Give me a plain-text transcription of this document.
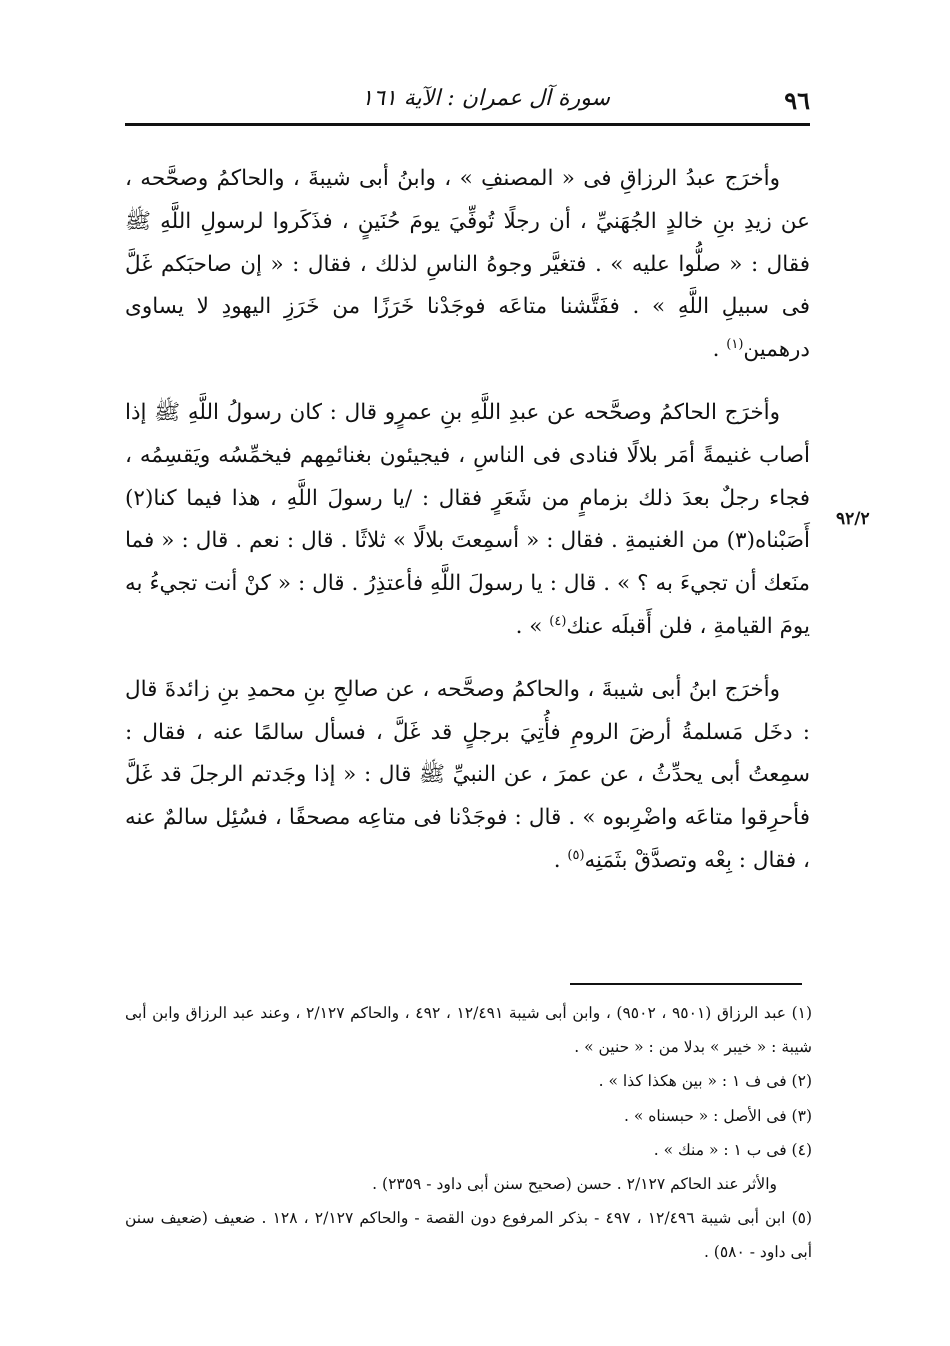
٩٦
سورة آل عمران : الآية ١٦١

وأخرَج عبدُ الرزاقِ فى « المصنفِ » ، وابنُ أبى شيبةَ ، والحاكمُ وصحَّحه ، عن زيدِ بنِ خالدٍ الجُهَنيِّ ، أن رجلًا تُوفِّيَ يومَ حُنَينٍ ، فذَكَروا لرسولِ اللَّهِ ﷺ فقال : « صلُّوا عليه » . فتغيَّر وجوهُ الناسِ لذلك ، فقال : « إن صاحبَكم غَلَّ فى سبيلِ اللَّهِ » . ففَتَّشنا متاعَه فوجَدْنا خَرَزًا من خَرَزِ اليهودِ لا يساوى درهمين$^{(١)}$ .

وأخرَج الحاكمُ وصحَّحه عن عبدِ اللَّهِ بنِ عمرٍو قال : كان رسولُ اللَّهِ ﷺ إذا أصاب غنيمةً أمَر بلالًا فنادى فى الناسِ ، فيجيئون بغنائمِهم فيخمِّسُه ويَقسِمُه ، فجاء رجلٌ بعدَ ذلك بزمامٍ من شَعَرٍ فقال : /يا رسولَ اللَّهِ ، هذا فيما كنا(٢) أَصَبْناه(٣) من الغنيمةِ . فقال : « أسمِعتَ بلالًا » ثلاثًا . قال : نعم . قال : « فما منَعك أن تجيءَ به ؟ » . قال : يا رسولَ اللَّهِ فأعتذِرُ . قال : « كنْ أنت تجيءُ به يومَ القيامةِ ، فلن أَقبلَه عنك$^{(٤)}$ » .

وأخرَج ابنُ أبى شيبةَ ، والحاكمُ وصحَّحه ، عن صالحِ بنِ محمدِ بنِ زائدةَ قال : دخَل مَسلمةُ أرضَ الرومِ فأُتِيَ برجلٍ قد غَلَّ ، فسأل سالمًا عنه ، فقال : سمِعتُ أبى يحدِّثُ ، عن عمرَ ، عن النبيِّ ﷺ قال : « إذا وجَدتم الرجلَ قد غَلَّ فأحرِقوا متاعَه واضْرِبوه » . قال : فوجَدْنا فى متاعِه مصحفًا ، فسُئِل سالمٌ عنه ، فقال : بِعْه وتصدَّقْ بثَمَنِه$^{(٥)}$ .

٩٢/٢

(١) عبد الرزاق (٩٥٠١ ، ٩٥٠٢) ، وابن أبى شيبة ١٢/٤٩١ ، ٤٩٢ ، والحاكم ٢/١٢٧ ، وعند عبد الرزاق وابن أبى شيبة : « خيبر » بدلا من : « حنين » .

(٢) فى ف ١ : « بين هكذا كذا » .

(٣) فى الأصل : « حبسناه » .

(٤) فى ب ١ : « منك » .

والأثر عند الحاكم ٢/١٢٧ . حسن (صحيح سنن أبى داود - ٢٣٥٩) .

(٥) ابن أبى شيبة ١٢/٤٩٦ ، ٤٩٧ - بذكر المرفوع دون القصة - والحاكم ٢/١٢٧ ، ١٢٨ . ضعيف (ضعيف سنن أبى داود - ٥٨٠) .
